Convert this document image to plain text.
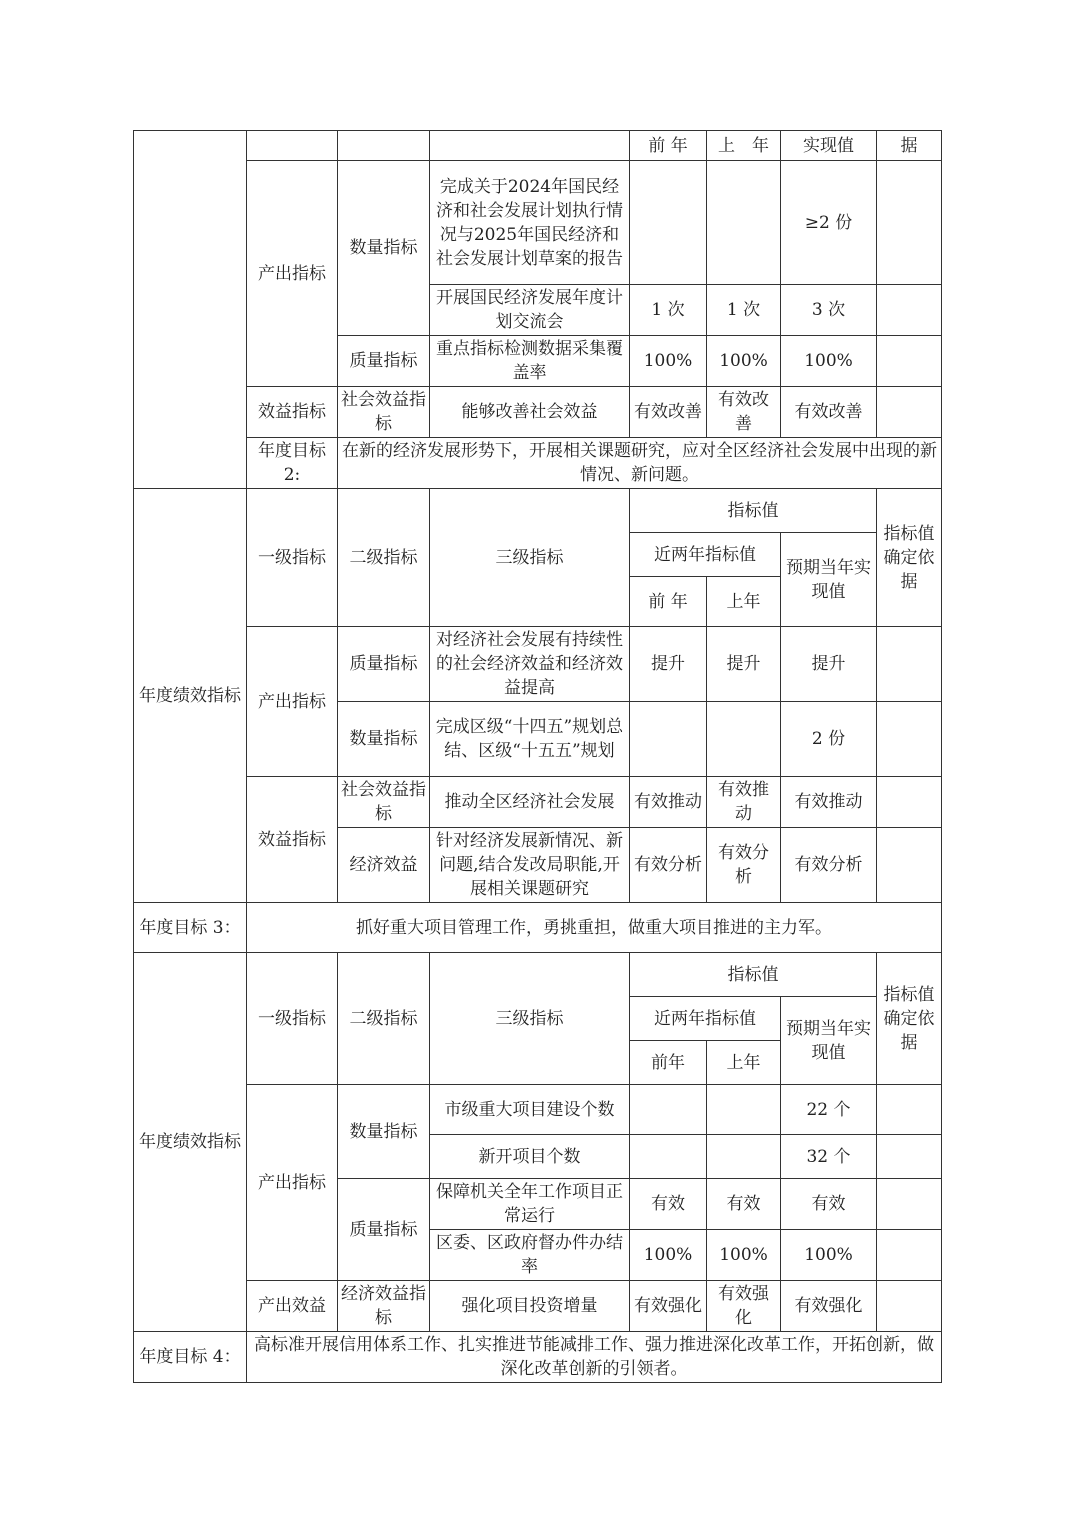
				前 年	上　年	实现值	据
	产出指标	数量指标	完成关于2024年国民经济和社会发展计划执行情况与2025年国民经济和社会发展计划草案的报告			≥2 份	
			开展国民经济发展年度计划交流会	1 次	1 次	3 次	
		质量指标	重点指标检测数据采集覆盖率	100%	100%	100%	
	效益指标	社会效益指标	能够改善社会效益	有效改善	有效改善	有效改善	
	年度目标 2:	在新的经济发展形势下，开展相关课题研究，应对全区经济社会发展中出现的新情况、新问题。					
年度绩效指标	一级指标	二级指标	三级指标	指标值			指标值确定依据
				近两年指标值		预期当年实现值	
				前 年	上年		
	产出指标	质量指标	对经济社会发展有持续性的社会经济效益和经济效益提高	提升	提升	提升	
		数量指标	完成区级“十四五”规划总结、区级“十五五”规划			2 份	
	效益指标	社会效益指标	推动全区经济社会发展	有效推动	有效推动	有效推动	
		经济效益	针对经济发展新情况、新问题,结合发改局职能,开展相关课题研究	有效分析	有效分析	有效分析	
年度目标 3：	抓好重大项目管理工作，勇挑重担，做重大项目推进的主力军。						
年度绩效指标	一级指标	二级指标	三级指标	指标值			指标值确定依据
				近两年指标值		预期当年实现值	
				前年	上年		
	产出指标	数量指标	市级重大项目建设个数			22 个	
			新开项目个数			32 个	
		质量指标	保障机关全年工作项目正常运行	有效	有效	有效	
			区委、区政府督办件办结率	100%	100%	100%	
	产出效益	经济效益指标	强化项目投资增量	有效强化	有效强化	有效强化	
年度目标 4：	高标准开展信用体系工作、扎实推进节能减排工作、强力推进深化改革工作，开拓创新，做深化改革创新的引领者。						
